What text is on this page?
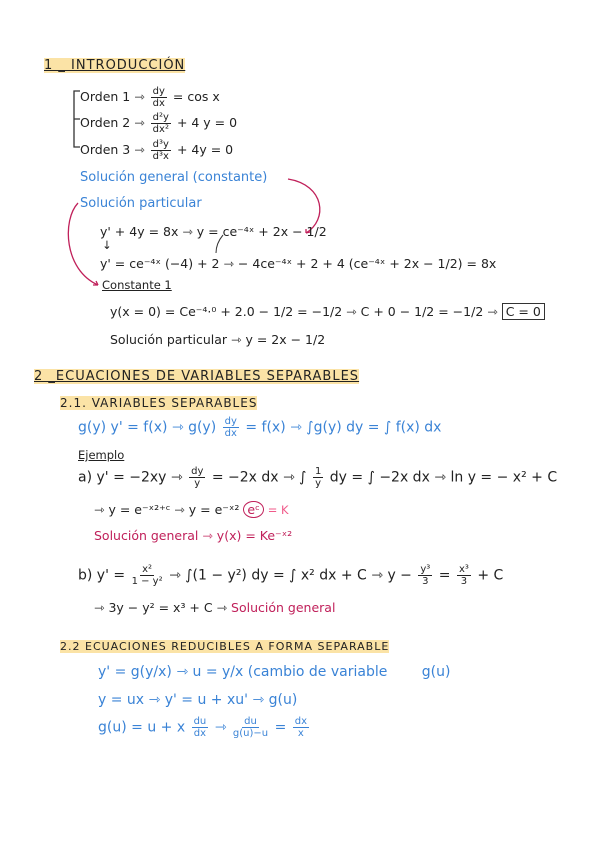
1 _ INTRODUCCIÓN
Orden 1 ⇾ $\frac{dy}{dx} = \cos x$
Orden 2 ⇾ $\frac{\text{d²y}}{\text{dx²}} + 4$ y = 0
Orden 3 ⇾ $\frac{\text{d³y}}{\text{d³x}} + 4y = 0$
Solución general (constante)
Solución particular
y' + 4y = 8x ⇾ y = ce⁻⁴ˣ + 2x − 1/2
↓
y' = ce⁻⁴ˣ (−4) + 2 ⇾ − 4ce⁻⁴ˣ + 2 + 4 (ce⁻⁴ˣ + 2x − 1/2) = 8x
Constante 1
y(x = 0) = Ce⁻⁴·⁰ + 2.0 − 1/2 = −1/2 ⇾ C + 0 − 1/2 = −1/2 ⇾ C = 0
Solución particular ⇾ y = 2x − 1/2
2 _ECUACIONES DE VARIABLES SEPARABLES
2.1. VARIABLES SEPARABLES
g(y) y' = f(x) ⇾ $g(y) \frac{dy}{dx} = f(x)$ ⇾ ∫g(y) dy = ∫ f(x) dx
Ejemplo
a) y' = −2xy ⇾ $\frac{dy}{y} = -2x$ dx ⇾ ∫ $\frac{1}{y}$ dy = ∫ −2x dx ⇾ ln y = − x² + C
⇾ y = e⁻ˣ²⁺ᶜ ⇾ y = e⁻ˣ² eᶜ = K
Solución general ⇾ y(x) = Ke⁻ˣ²
b) $y' = \frac{\text{x²}}{\text{1 − y²}}$ ⇾ ∫(1 − y²) dy = ∫ x² dx + C ⇾ $y - \frac{\text{y³}}{3} = \frac{\text{x³}}{3} + C$
⇾ 3y − y² = x³ + C ⇾ Solución general
2.2 ECUACIONES REDUCIBLES A FORMA SEPARABLE
y' = g(y/x) ⇾ u = y/x (cambio de variable g(u)
y = ux ⇾ y' = u + xu' ⇾ g(u)
g(u) = u + x $\frac{du}{dx}$ ⇾ $\frac{du}{g(u)-u} = \frac{dx}{x}$
